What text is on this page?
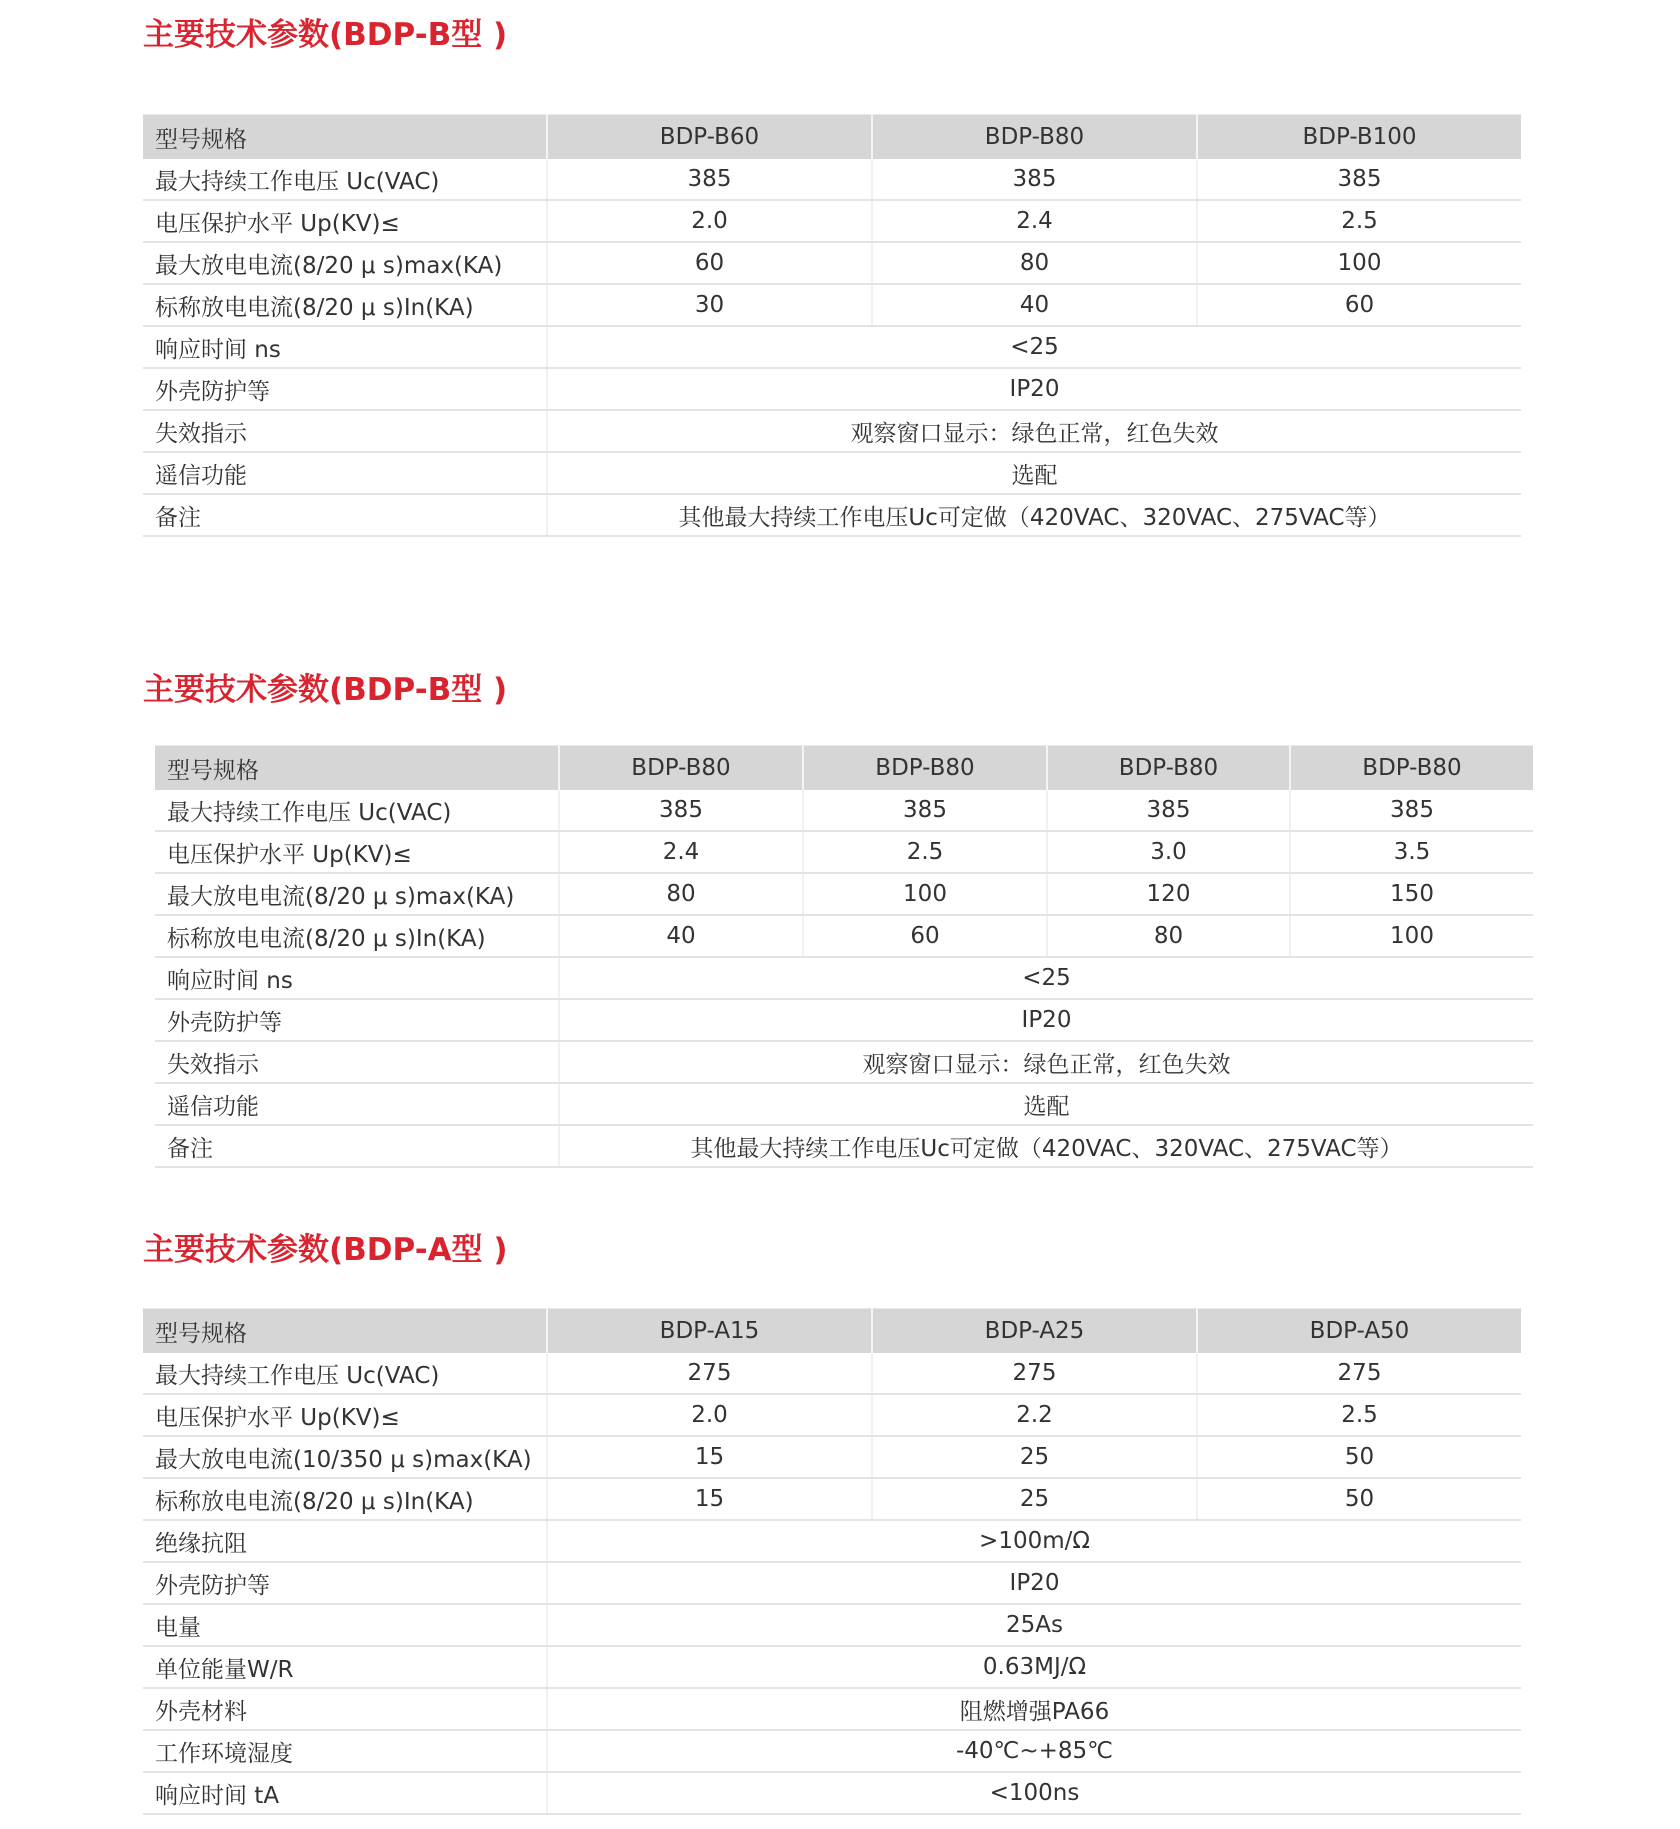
主要技术参数(BDP-B型 )
型号规格	BDP-B60	BDP-B80	BDP-B100
最大持续工作电压 Uc(VAC)	385	385	385
电压保护水平 Up(KV)≤	2.0	2.4	2.5
最大放电电流(8/20 μ s)max(KA)	60	80	100
标称放电电流(8/20 μ s)In(KA)	30	40	60
响应时间 ns	<25		
外壳防护等	IP20		
失效指示	观察窗口显示：绿色正常，红色失效		
遥信功能	选配		
备注	其他最大持续工作电压Uc可定做（420VAC、320VAC、275VAC等）		
主要技术参数(BDP-B型 )
型号规格	BDP-B80	BDP-B80	BDP-B80	BDP-B80
最大持续工作电压 Uc(VAC)	385	385	385	385
电压保护水平 Up(KV)≤	2.4	2.5	3.0	3.5
最大放电电流(8/20 μ s)max(KA)	80	100	120	150
标称放电电流(8/20 μ s)In(KA)	40	60	80	100
响应时间 ns	<25			
外壳防护等	IP20			
失效指示	观察窗口显示：绿色正常，红色失效			
遥信功能	选配			
备注	其他最大持续工作电压Uc可定做（420VAC、320VAC、275VAC等）			
主要技术参数(BDP-A型 )
型号规格	BDP-A15	BDP-A25	BDP-A50
最大持续工作电压 Uc(VAC)	275	275	275
电压保护水平 Up(KV)≤	2.0	2.2	2.5
最大放电电流(10/350 μ s)max(KA)	15	25	50
标称放电电流(8/20 μ s)In(KA)	15	25	50
绝缘抗阻	>100m/Ω		
外壳防护等	IP20		
电量	25As		
单位能量W/R	0.63MJ/Ω		
外壳材料	阻燃增强PA66		
工作环境湿度	-40℃~+85℃		
响应时间 tA	<100ns		
